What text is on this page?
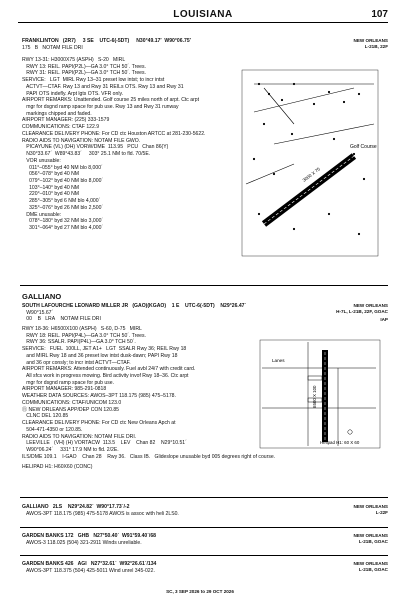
LOUISIANA	107
FRANKLINTON   (2R7)     3 SE    UTC-6(-5DT)     N30°49.17′  W90°06.75′
175   B   NOTAM FILE DRI
NEW ORLEANS
L-21B, 22F
RWY 13-31: H3000X75 (ASPH)   S-20   MIRL
RWY 13: REIL. PAPI(P2L)—GA 3.0° TCH 50´. Trees.
RWY 31: REIL. PAPI(P2L)—GA 3.0° TCH 50´. Trees.
SERVICE:   LGT  MIRL Rwy 13–31 preset low intst; to incr intst
ACTVT—CTAF. Rwy 13 and Rwy 31 REILs OTS. Rwy 13 and Rwy 31
PAPI OTS indefly. Arpt lgts OTS. VFR only.
AIRPORT REMARKS: Unattended. Golf course 25 miles north of arpt. Ctc arpt
mgr for dsgnd ramp space for pub use. Rwy 13 and Rwy 31 runway
markings chipped and faded.
AIRPORT MANAGER: (225) 333-1579
COMMUNICATIONS: CTAF 122.9
CLEARANCE DELIVERY PHONE: For CD ctc Houston ARTCC at 281-230-5622.
RADIO AIDS TO NAVIGATION: NOTAM FILE GWO.
PICAYUNE (VL) (DH) VORW/DME  113.95   PCU   Chan 86(Y)
N30°33.67´  W89°43.83´     303° 25.1 NM to fld. 70/5E.
VOR unusable:
011°–055° byd 40 NM blo 8,000´
056°–078° byd 40 NM
079°–102° byd 40 NM blo 8,000´
103°–140° byd 40 NM
220°–010° byd 40 NM
285°–305° byd 6 NM blo 4,000´
325°–076° byd 26 NM blo 2,500´
DME unusable:
078°–180° byd 32 NM blo 3,000´
301°–064° byd 27 NM blo 4,000´
Golf Course
3000 X 75
GALLIANO
SOUTH LAFOURCHE LEONARD MILLER JR   (GAO)(KGAO)    1 E    UTC-6(-5DT)    N29°26.47´
W90°15.67´
00    B   LRA    NOTAM FILE DRI
NEW ORLEANS
H-7L, L-21B, 22F, GOAC
IAP
RWY 18-36: H6500X100 (ASPH)   S-60, D-75   MIRL
RWY 18: REIL. PAPI(P4L)—GA 3.0° TCH 50´. Trees.
RWY 36: SSALR. PAPI(P4L)—GA 3.0° TCH 50´.
SERVICE:   FUEL  100LL, JET A1+   LGT  SSALR Rwy 36; REIL Rwy 18
and MIRL Rwy 18 and 36 preset low intst dusk-dawn; PAPI Rwy 18
and 36 opr consly; to incr intst ACTVT—CTAF.
AIRPORT REMARKS: Attended continuously. Fuel avbl 24/7 with credit card.
All sfcs work in progress mowing. Bird activity invof Rwy 18–36. Ctc arpt
mgr for dsgnd ramp space for pub use.
AIRPORT MANAGER: 985-291-0818
WEATHER DATA SOURCES: AWOS–3PT 118.175 (985) 475–5178.
COMMUNICATIONS: CTAF/UNICOM 123.0
Ⓡ NEW ORLEANS APP/DEP CON 120.85
CLNC DEL 120.85
CLEARANCE DELIVERY PHONE: For CD ctc New Orleans Apch at
504-471-4350 or 120.85.
RADIO AIDS TO NAVIGATION: NOTAM FILE DRI.
LEEVILLE   (VH) (H) VORTACW  113.5    LEV    Chan 82    N29°10.51´
W90°06.24´     331° 17.9 NM to fld. 2/2E.
ILS/DME 109.1    I-GAO    Chan 28    Rwy 36.   Class IB.   Glideslope unusable byd 005 degrees right of course.
HELIPAD H1: H60X60 (CONC)
Lanes
6500 X 100
Helipad H1: 60 X 60
GALLIANO   2LS    N29°24.82´  W90°17.73´/-2
AWOS-3PT 118.175 (985) 475-5178 AWOS is assoc with heli 2LS0.
NEW ORLEANS
L-22F
GARDEN BANKS 172   GHB   N27°50.40´  W91°59.40´/68
AWOS-3 118.025 (504) 321-2911 Winds unreliable.
NEW ORLEANS
L-21B, GOAC
GARDEN BANKS 426   AGI   N27°32.61´  W92°26.61´/134
AWOS-3PT 118.375 (504) 425-5011 Wind unrel 345-022.
NEW ORLEANS
L-21B, GOAC
SC, 3 SEP 2026 to 29 OCT 2026
